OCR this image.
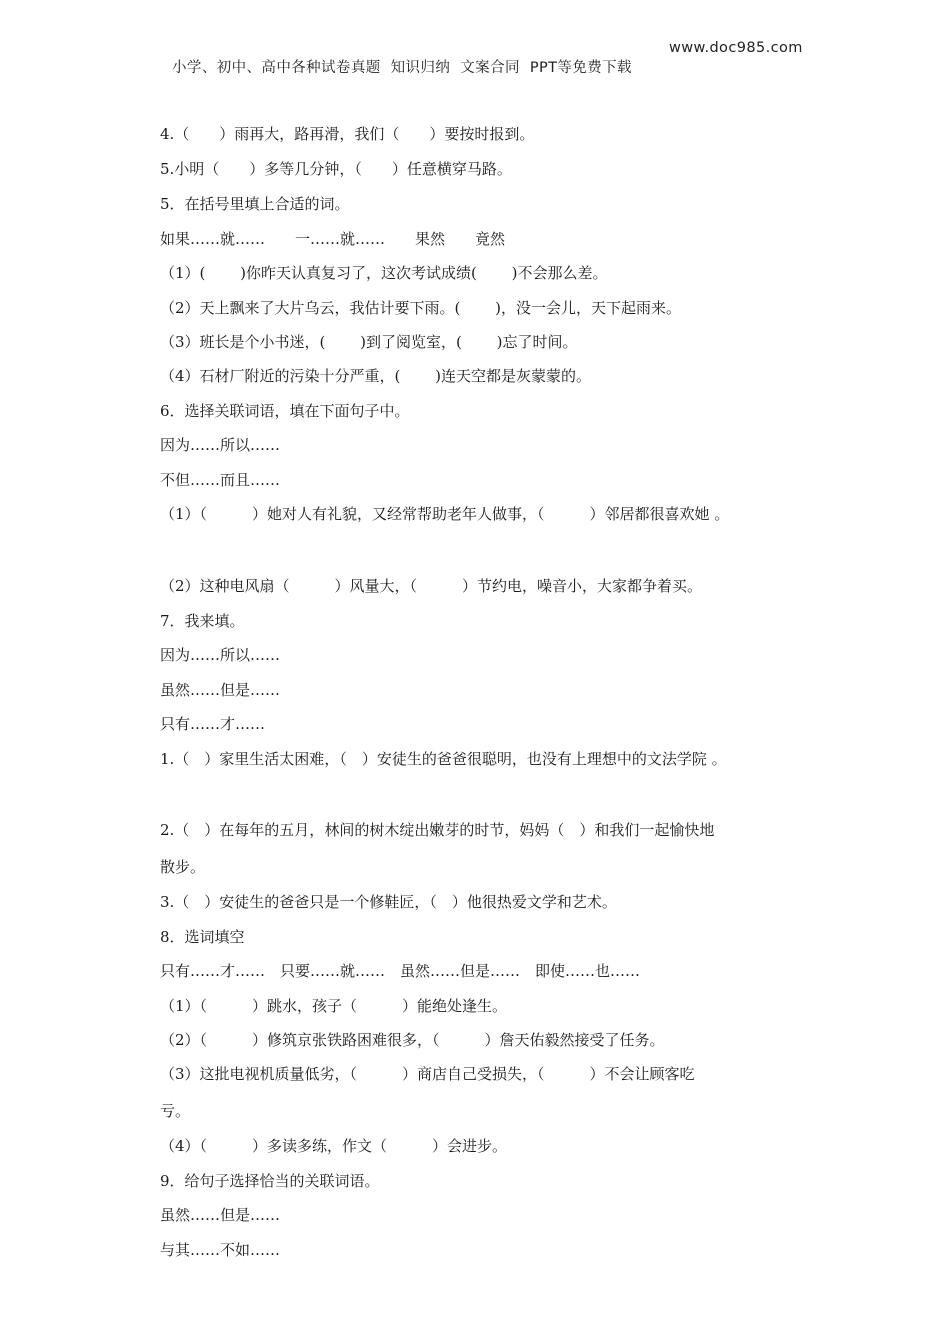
小学、初中、高中各种试卷真题  知识归纳  文案合同  PPT等免费下载

www.doc985.com

4.（　　）雨再大，路再滑，我们（　　）要按时报到。
5.小明（　　）多等几分钟，（　　）任意横穿马路。
5．在括号里填上合适的词。
如果……就……　　一……就……　　果然　　竟然
（1）(　　 )你昨天认真复习了，这次考试成绩(　　 )不会那么差。
（2）天上飘来了大片乌云，我估计要下雨。(　　 )，没一会儿，天下起雨来。
（3）班长是个小书迷，(　　 )到了阅览室，(　　 )忘了时间。
（4）石材厂附近的污染十分严重，(　　 )连天空都是灰蒙蒙的。
6．选择关联词语，填在下面句子中。
因为……所以……
不但……而且……
（1）（　　　）她对人有礼貌，又经常帮助老年人做事，（　　　）邻居都很喜欢她 。
（2）这种电风扇（　　　）风量大，（　　　）节约电，噪音小，大家都争着买。
7．我来填。
因为……所以……
虽然……但是……
只有……才……
1.（　）家里生活太困难，（　）安徒生的爸爸很聪明，也没有上理想中的文法学院 。
2.（　）在每年的五月，林间的树木绽出嫩芽的时节，妈妈（　）和我们一起愉快地
散步。
3.（　）安徒生的爸爸只是一个修鞋匠，（　）他很热爱文学和艺术。
8．选词填空
只有……才……　只要……就……　虽然……但是……　即使……也……
（1）（　　　）跳水，孩子（　　　）能绝处逢生。
（2）（　　　）修筑京张铁路困难很多，（　　　）詹天佑毅然接受了任务。
（3）这批电视机质量低劣，（　　　）商店自己受损失，（　　　）不会让顾客吃
亏。
（4）（　　　）多读多练，作文（　　　）会进步。
9．给句子选择恰当的关联词语。
虽然……但是……
与其……不如……
